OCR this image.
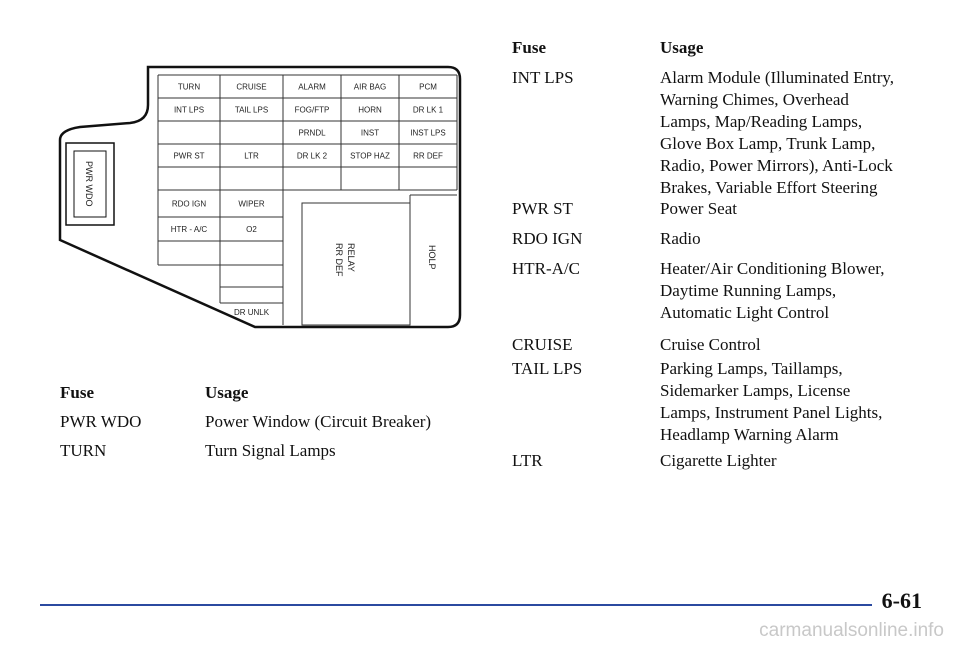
PWR WDO
TURN	CRUISE	ALARM	AIR BAG	PCM
INT LPS	TAIL LPS	FOG/FTP	HORN	DR LK 1
PRNDL	INST	INST LPS
PWR ST	LTR	DR LK 2	STOP HAZ	RR DEF
RDO IGN	WIPER
HTR - A/C	O2
DR UNLK
RELAY
RR DEF	HOLP
Fuse	Usage
PWR WDO	Power Window (Circuit Breaker)
TURN	Turn Signal Lamps
Fuse	Usage
INT LPS	Alarm Module (Illuminated Entry,
Warning Chimes, Overhead
Lamps, Map/Reading Lamps,
Glove Box Lamp, Trunk Lamp,
Radio, Power Mirrors), Anti-Lock
Brakes, Variable Effort Steering
PWR ST	Power Seat
RDO IGN	Radio
HTR-A/C	Heater/Air Conditioning Blower,
Daytime Running Lamps,
Automatic Light Control
CRUISE	Cruise Control
TAIL LPS	Parking Lamps, Taillamps,
Sidemarker Lamps, License
Lamps, Instrument Panel Lights,
Headlamp Warning Alarm
LTR	Cigarette Lighter
6-61
carmanualsonline.info
